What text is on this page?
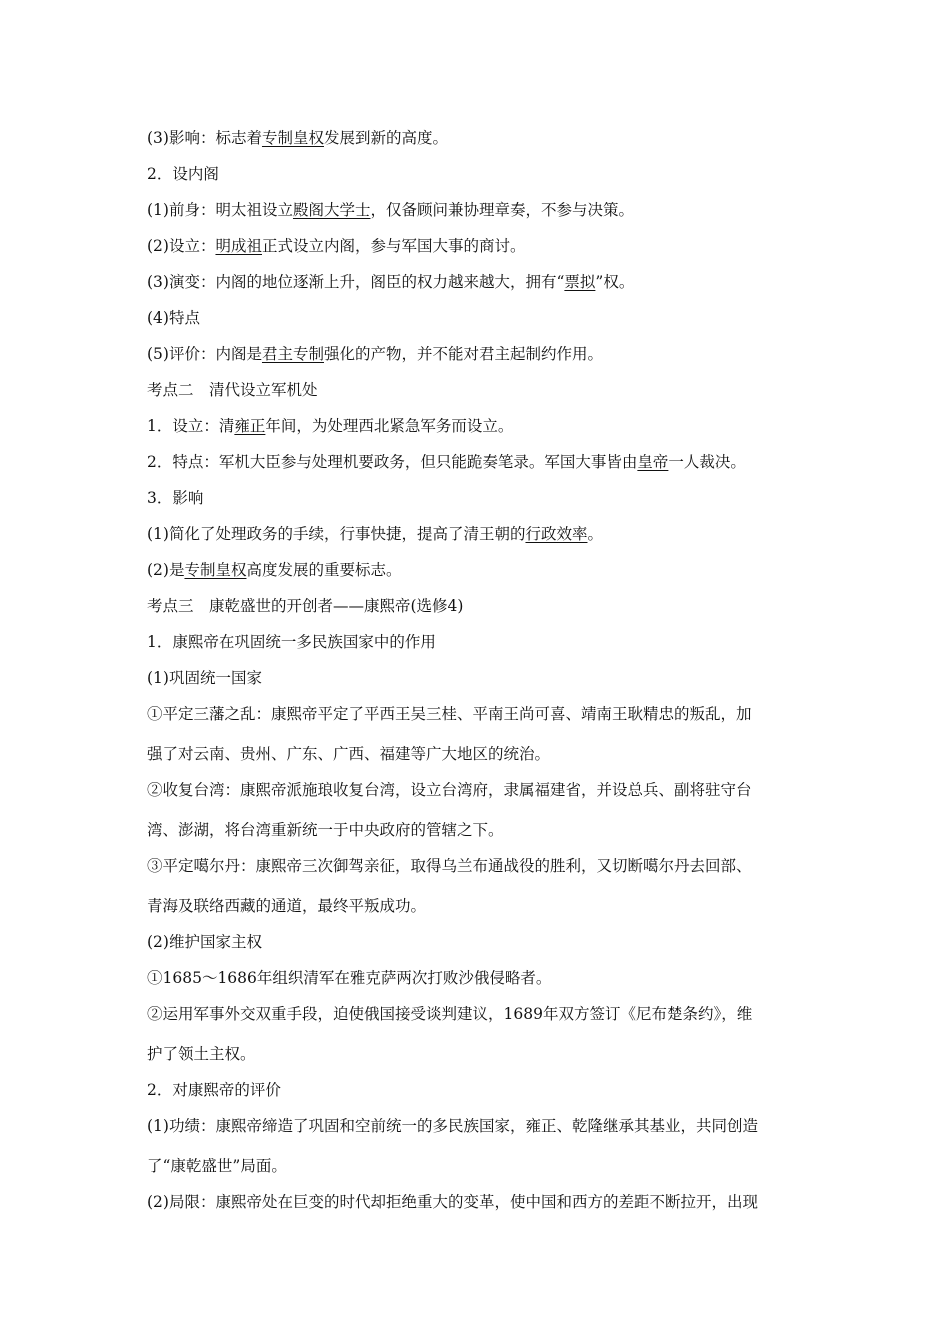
(3)影响：标志着专制皇权发展到新的高度。
2．设内阁
(1)前身：明太祖设立殿阁大学士，仅备顾问兼协理章奏，不参与决策。
(2)设立：明成祖正式设立内阁，参与军国大事的商讨。
(3)演变：内阁的地位逐渐上升，阁臣的权力越来越大，拥有“票拟”权。
(4)特点
(5)评价：内阁是君主专制强化的产物，并不能对君主起制约作用。
考点二　清代设立军机处
1．设立：清雍正年间，为处理西北紧急军务而设立。
2．特点：军机大臣参与处理机要政务，但只能跪奏笔录。军国大事皆由皇帝一人裁决。
3．影响
(1)简化了处理政务的手续，行事快捷，提高了清王朝的行政效率。
(2)是专制皇权高度发展的重要标志。
考点三　康乾盛世的开创者——康熙帝(选修4)
1．康熙帝在巩固统一多民族国家中的作用
(1)巩固统一国家
①平定三藩之乱：康熙帝平定了平西王吴三桂、平南王尚可喜、靖南王耿精忠的叛乱，加
强了对云南、贵州、广东、广西、福建等广大地区的统治。
②收复台湾：康熙帝派施琅收复台湾，设立台湾府，隶属福建省，并设总兵、副将驻守台
湾、澎湖，将台湾重新统一于中央政府的管辖之下。
③平定噶尔丹：康熙帝三次御驾亲征，取得乌兰布通战役的胜利，又切断噶尔丹去回部、
青海及联络西藏的通道，最终平叛成功。
(2)维护国家主权
①1685～1686年组织清军在雅克萨两次打败沙俄侵略者。
②运用军事外交双重手段，迫使俄国接受谈判建议，1689年双方签订《尼布楚条约》，维
护了领土主权。
2．对康熙帝的评价
(1)功绩：康熙帝缔造了巩固和空前统一的多民族国家，雍正、乾隆继承其基业，共同创造
了“康乾盛世”局面。
(2)局限：康熙帝处在巨变的时代却拒绝重大的变革，使中国和西方的差距不断拉开，出现
